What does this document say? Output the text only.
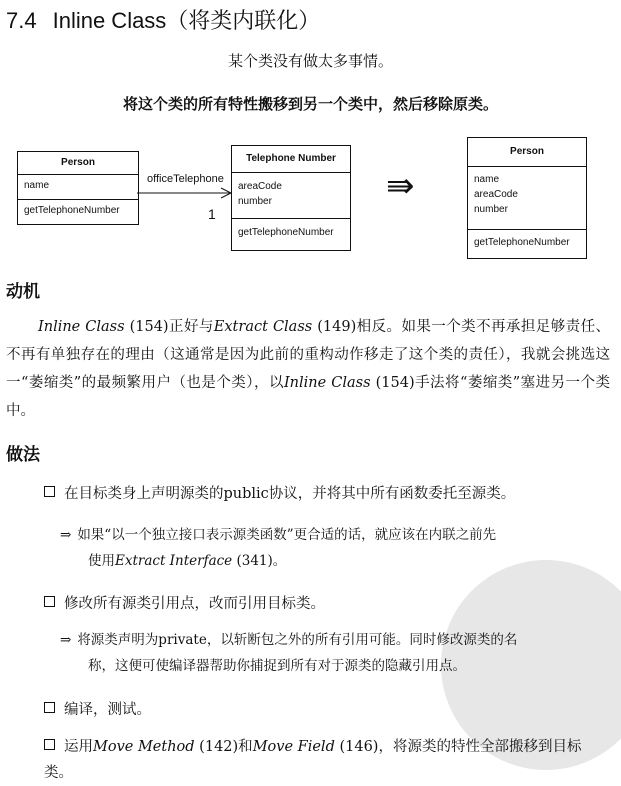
7.4 Inline Class（将类内联化）
某个类没有做太多事情。
将这个类的所有特性搬移到另一个类中，然后移除原类。
Person
name
getTelephoneNumber
officeTelephone
1
Telephone Number
areaCode
number
getTelephoneNumber
⇛
Person
name
areaCode
number
getTelephoneNumber
动机
Inline Class (154)正好与Extract Class (149)相反。如果一个类不再承担足够责任、不再有单独存在的理由（这通常是因为此前的重构动作移走了这个类的责任），我就会挑选这一“萎缩类”的最频繁用户（也是个类），以Inline Class (154)手法将“萎缩类”塞进另一个类中。
做法
在目标类身上声明源类的public协议，并将其中所有函数委托至源类。
⇒ 如果“以一个独立接口表示源类函数”更合适的话，就应该在内联之前先
使用Extract Interface (341)。
修改所有源类引用点，改而引用目标类。
⇒ 将源类声明为private，以斩断包之外的所有引用可能。同时修改源类的名
称，这便可使编译器帮助你捕捉到所有对于源类的隐藏引用点。
编译，测试。
运用Move Method (142)和Move Field (146)，将源类的特性全部搬移到目标类。
